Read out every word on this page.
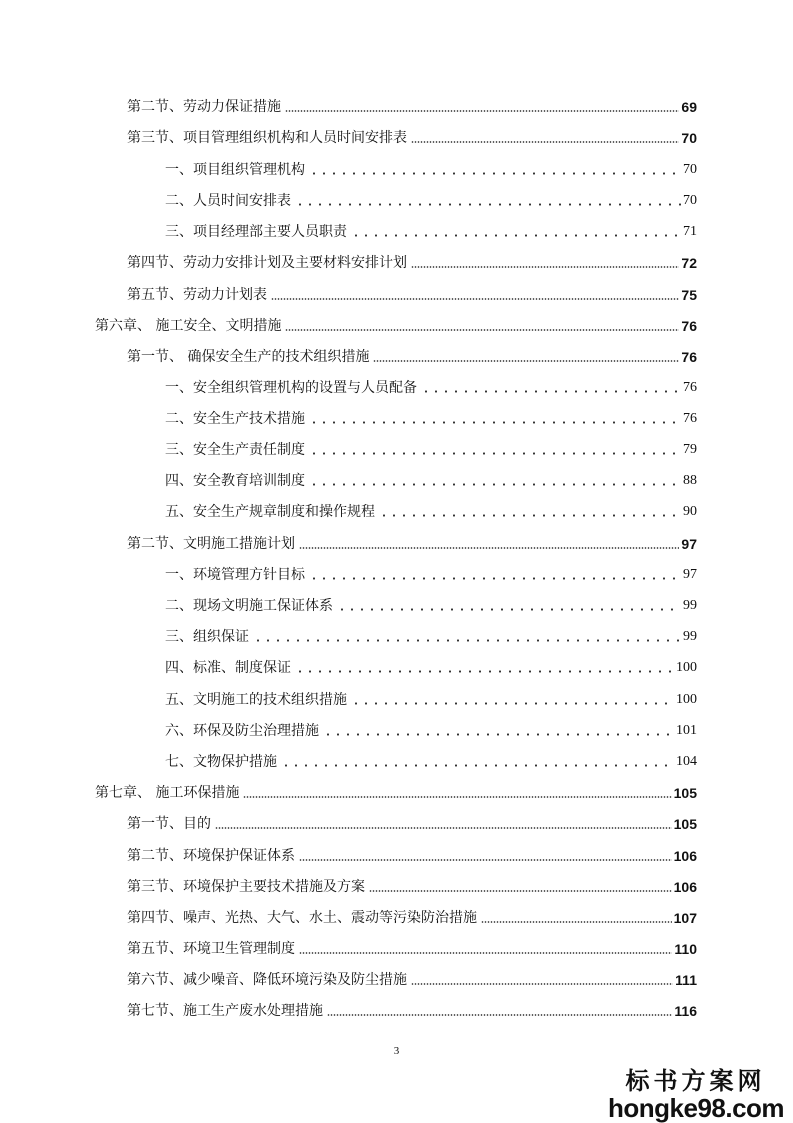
第二节、劳动力保证措施	69
第三节、项目管理组织机构和人员时间安排表	70
一、项目组织管理机构	70
二、人员时间安排表	70
三、项目经理部主要人员职责	71
第四节、劳动力安排计划及主要材料安排计划	72
第五节、劳动力计划表	75
第六章、 施工安全、文明措施	76
第一节、 确保安全生产的技术组织措施	76
一、安全组织管理机构的设置与人员配备	76
二、安全生产技术措施	76
三、安全生产责任制度	79
四、安全教育培训制度	88
五、安全生产规章制度和操作规程	90
第二节、文明施工措施计划	97
一、环境管理方针目标	97
二、现场文明施工保证体系	99
三、组织保证	99
四、标准、制度保证	100
五、文明施工的技术组织措施	100
六、环保及防尘治理措施	101
七、文物保护措施	104
第七章、 施工环保措施	105
第一节、目的	105
第二节、环境保护保证体系	106
第三节、环境保护主要技术措施及方案	106
第四节、噪声、光热、大气、水土、震动等污染防治措施	107
第五节、环境卫生管理制度	110
第六节、减少噪音、降低环境污染及防尘措施	111
第七节、施工生产废水处理措施	116
3
标书方案网
hongke98.com
